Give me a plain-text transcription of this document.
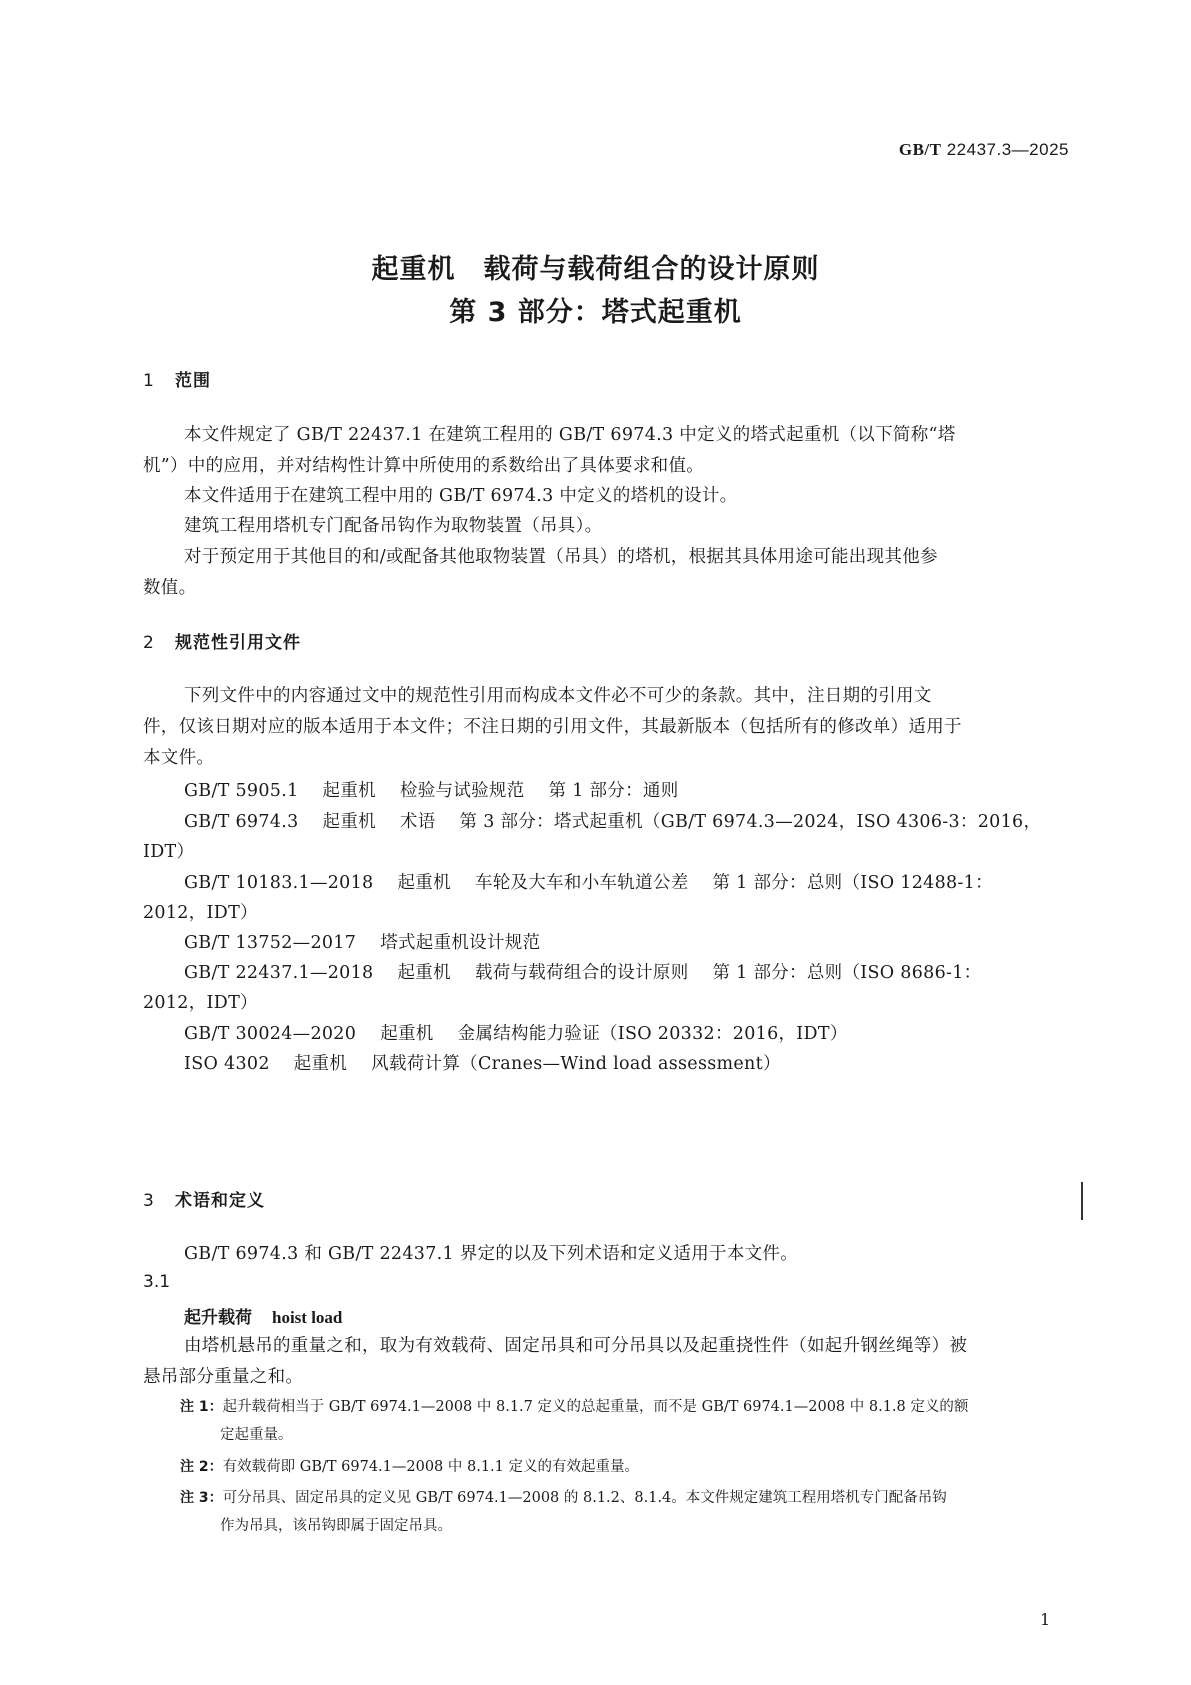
GB/T 22437.3—2025
起重机　载荷与载荷组合的设计原则
第 3 部分：塔式起重机
1 范围
本文件规定了 GB/T 22437.1 在建筑工程用的 GB/T 6974.3 中定义的塔式起重机（以下简称“塔
机”）中的应用，并对结构性计算中所使用的系数给出了具体要求和值。
本文件适用于在建筑工程中用的 GB/T 6974.3 中定义的塔机的设计。
建筑工程用塔机专门配备吊钩作为取物装置（吊具）。
对于预定用于其他目的和/或配备其他取物装置（吊具）的塔机，根据其具体用途可能出现其他参
数值。
2 规范性引用文件
下列文件中的内容通过文中的规范性引用而构成本文件必不可少的条款。其中，注日期的引用文
件，仅该日期对应的版本适用于本文件；不注日期的引用文件，其最新版本（包括所有的修改单）适用于
本文件。
GB/T 5905.1 起重机 检验与试验规范 第 1 部分：通则
GB/T 6974.3 起重机 术语 第 3 部分：塔式起重机（GB/T 6974.3—2024，ISO 4306-3：2016，
IDT）
GB/T 10183.1—2018 起重机 车轮及大车和小车轨道公差 第 1 部分：总则（ISO 12488-1：
2012，IDT）
GB/T 13752—2017 塔式起重机设计规范
GB/T 22437.1—2018 起重机 载荷与载荷组合的设计原则 第 1 部分：总则（ISO 8686-1：
2012，IDT）
GB/T 30024—2020 起重机 金属结构能力验证（ISO 20332：2016，IDT）
ISO 4302 起重机 风载荷计算（Cranes—Wind load assessment）
3 术语和定义
GB/T 6974.3 和 GB/T 22437.1 界定的以及下列术语和定义适用于本文件。
3.1
起升载荷 hoist load
由塔机悬吊的重量之和，取为有效载荷、固定吊具和可分吊具以及起重挠性件（如起升钢丝绳等）被
悬吊部分重量之和。
注 1：起升载荷相当于 GB/T 6974.1—2008 中 8.1.7 定义的总起重量，而不是 GB/T 6974.1—2008 中 8.1.8 定义的额
定起重量。
注 2：有效载荷即 GB/T 6974.1—2008 中 8.1.1 定义的有效起重量。
注 3：可分吊具、固定吊具的定义见 GB/T 6974.1—2008 的 8.1.2、8.1.4。本文件规定建筑工程用塔机专门配备吊钩
作为吊具，该吊钩即属于固定吊具。
1
